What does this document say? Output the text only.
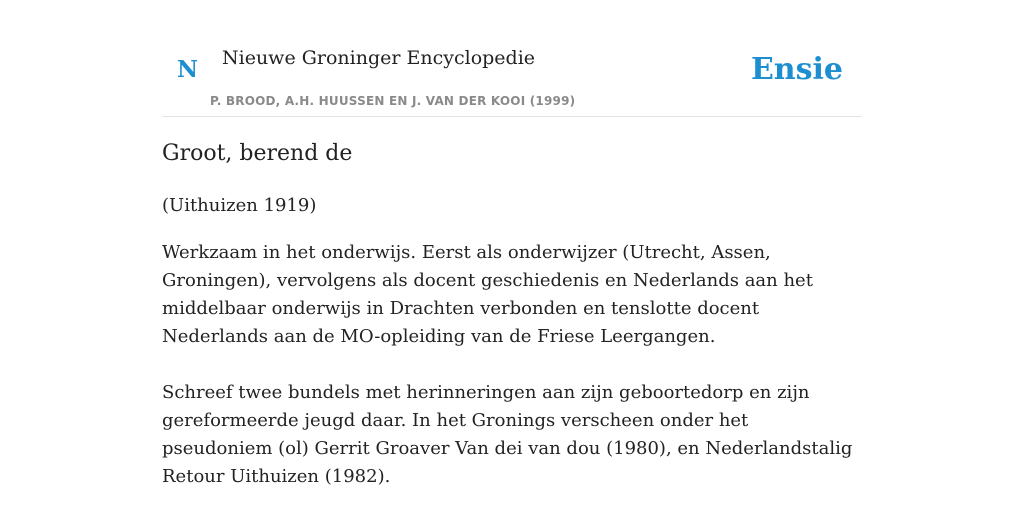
N Nieuwe Groninger Encyclopedie
P. BROOD, A.H. HUUSSEN EN J. VAN DER KOOI (1999)
Ensie
Groot, berend de
(Uithuizen 1919)

Werkzaam in het onderwijs. Eerst als onderwijzer (Utrecht, Assen, Groningen), vervolgens als docent geschiedenis en Nederlands aan het middelbaar onderwijs in Drachten verbonden en tenslotte docent Nederlands aan de MO-opleiding van de Friese Leergangen.

Schreef twee bundels met herinneringen aan zijn geboortedorp en zijn gereformeerde jeugd daar. In het Gronings verscheen onder het pseudoniem (ol) Gerrit Groaver Van dei van dou (1980), en Nederlandstalig Retour Uithuizen (1982).
